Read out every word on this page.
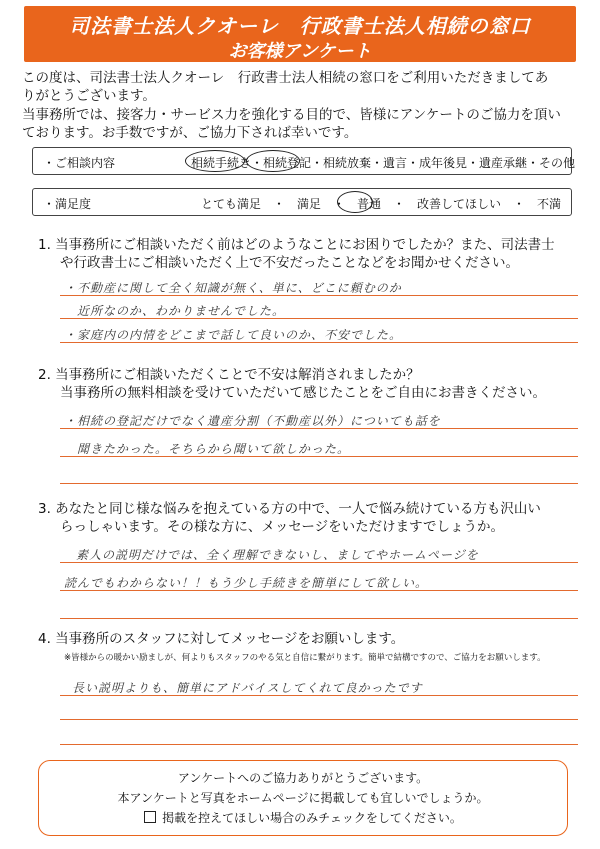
司法書士法人クオーレ　行政書士法人相続の窓口
お客様アンケート
この度は、司法書士法人クオーレ　行政書士法人相続の窓口をご利用いただきましてあ
りがとうございます。
当事務所では、接客力・サービス力を強化する目的で、皆様にアンケートのご協力を頂い
ております。お手数ですが、ご協力下されば幸いです。
・ご相談内容	相続手続き・相続登記・相続放棄・遺言・成年後見・遺産承継・その他
・満足度	とても満足　・　満足　・　普通　・　改善してほしい　・　不満
1. 当事務所にご相談いただく前はどのようなことにお困りでしたか？また、司法書士
や行政書士にご相談いただく上で不安だったことなどをお聞かせください。
・不動産に関して全く知識が無く、単に、どこに頼むのか
　近所なのか、わかりませんでした。
・家庭内の内情をどこまで話して良いのか、不安でした。
2. 当事務所にご相談いただくことで不安は解消されましたか？
当事務所の無料相談を受けていただいて感じたことをご自由にお書きください。
・相続の登記だけでなく遺産分割（不動産以外）についても話を
　聞きたかった。そちらから聞いて欲しかった。
3. あなたと同じ様な悩みを抱えている方の中で、一人で悩み続けている方も沢山い
らっしゃいます。その様な方に、メッセージをいただけますでしょうか。
素人の説明だけでは、全く理解できないし、ましてやホームページを
読んでもわからない！！もう少し手続きを簡単にして欲しい。
4. 当事務所のスタッフに対してメッセージをお願いします。
※皆様からの暖かい励ましが、何よりもスタッフのやる気と自信に繋がります。簡単で結構ですので、ご協力をお願いします。
長い説明よりも、簡単にアドバイスしてくれて良かったです
アンケートへのご協力ありがとうございます。
本アンケートと写真をホームページに掲載しても宜しいでしょうか。
掲載を控えてほしい場合のみチェックをしてください。
